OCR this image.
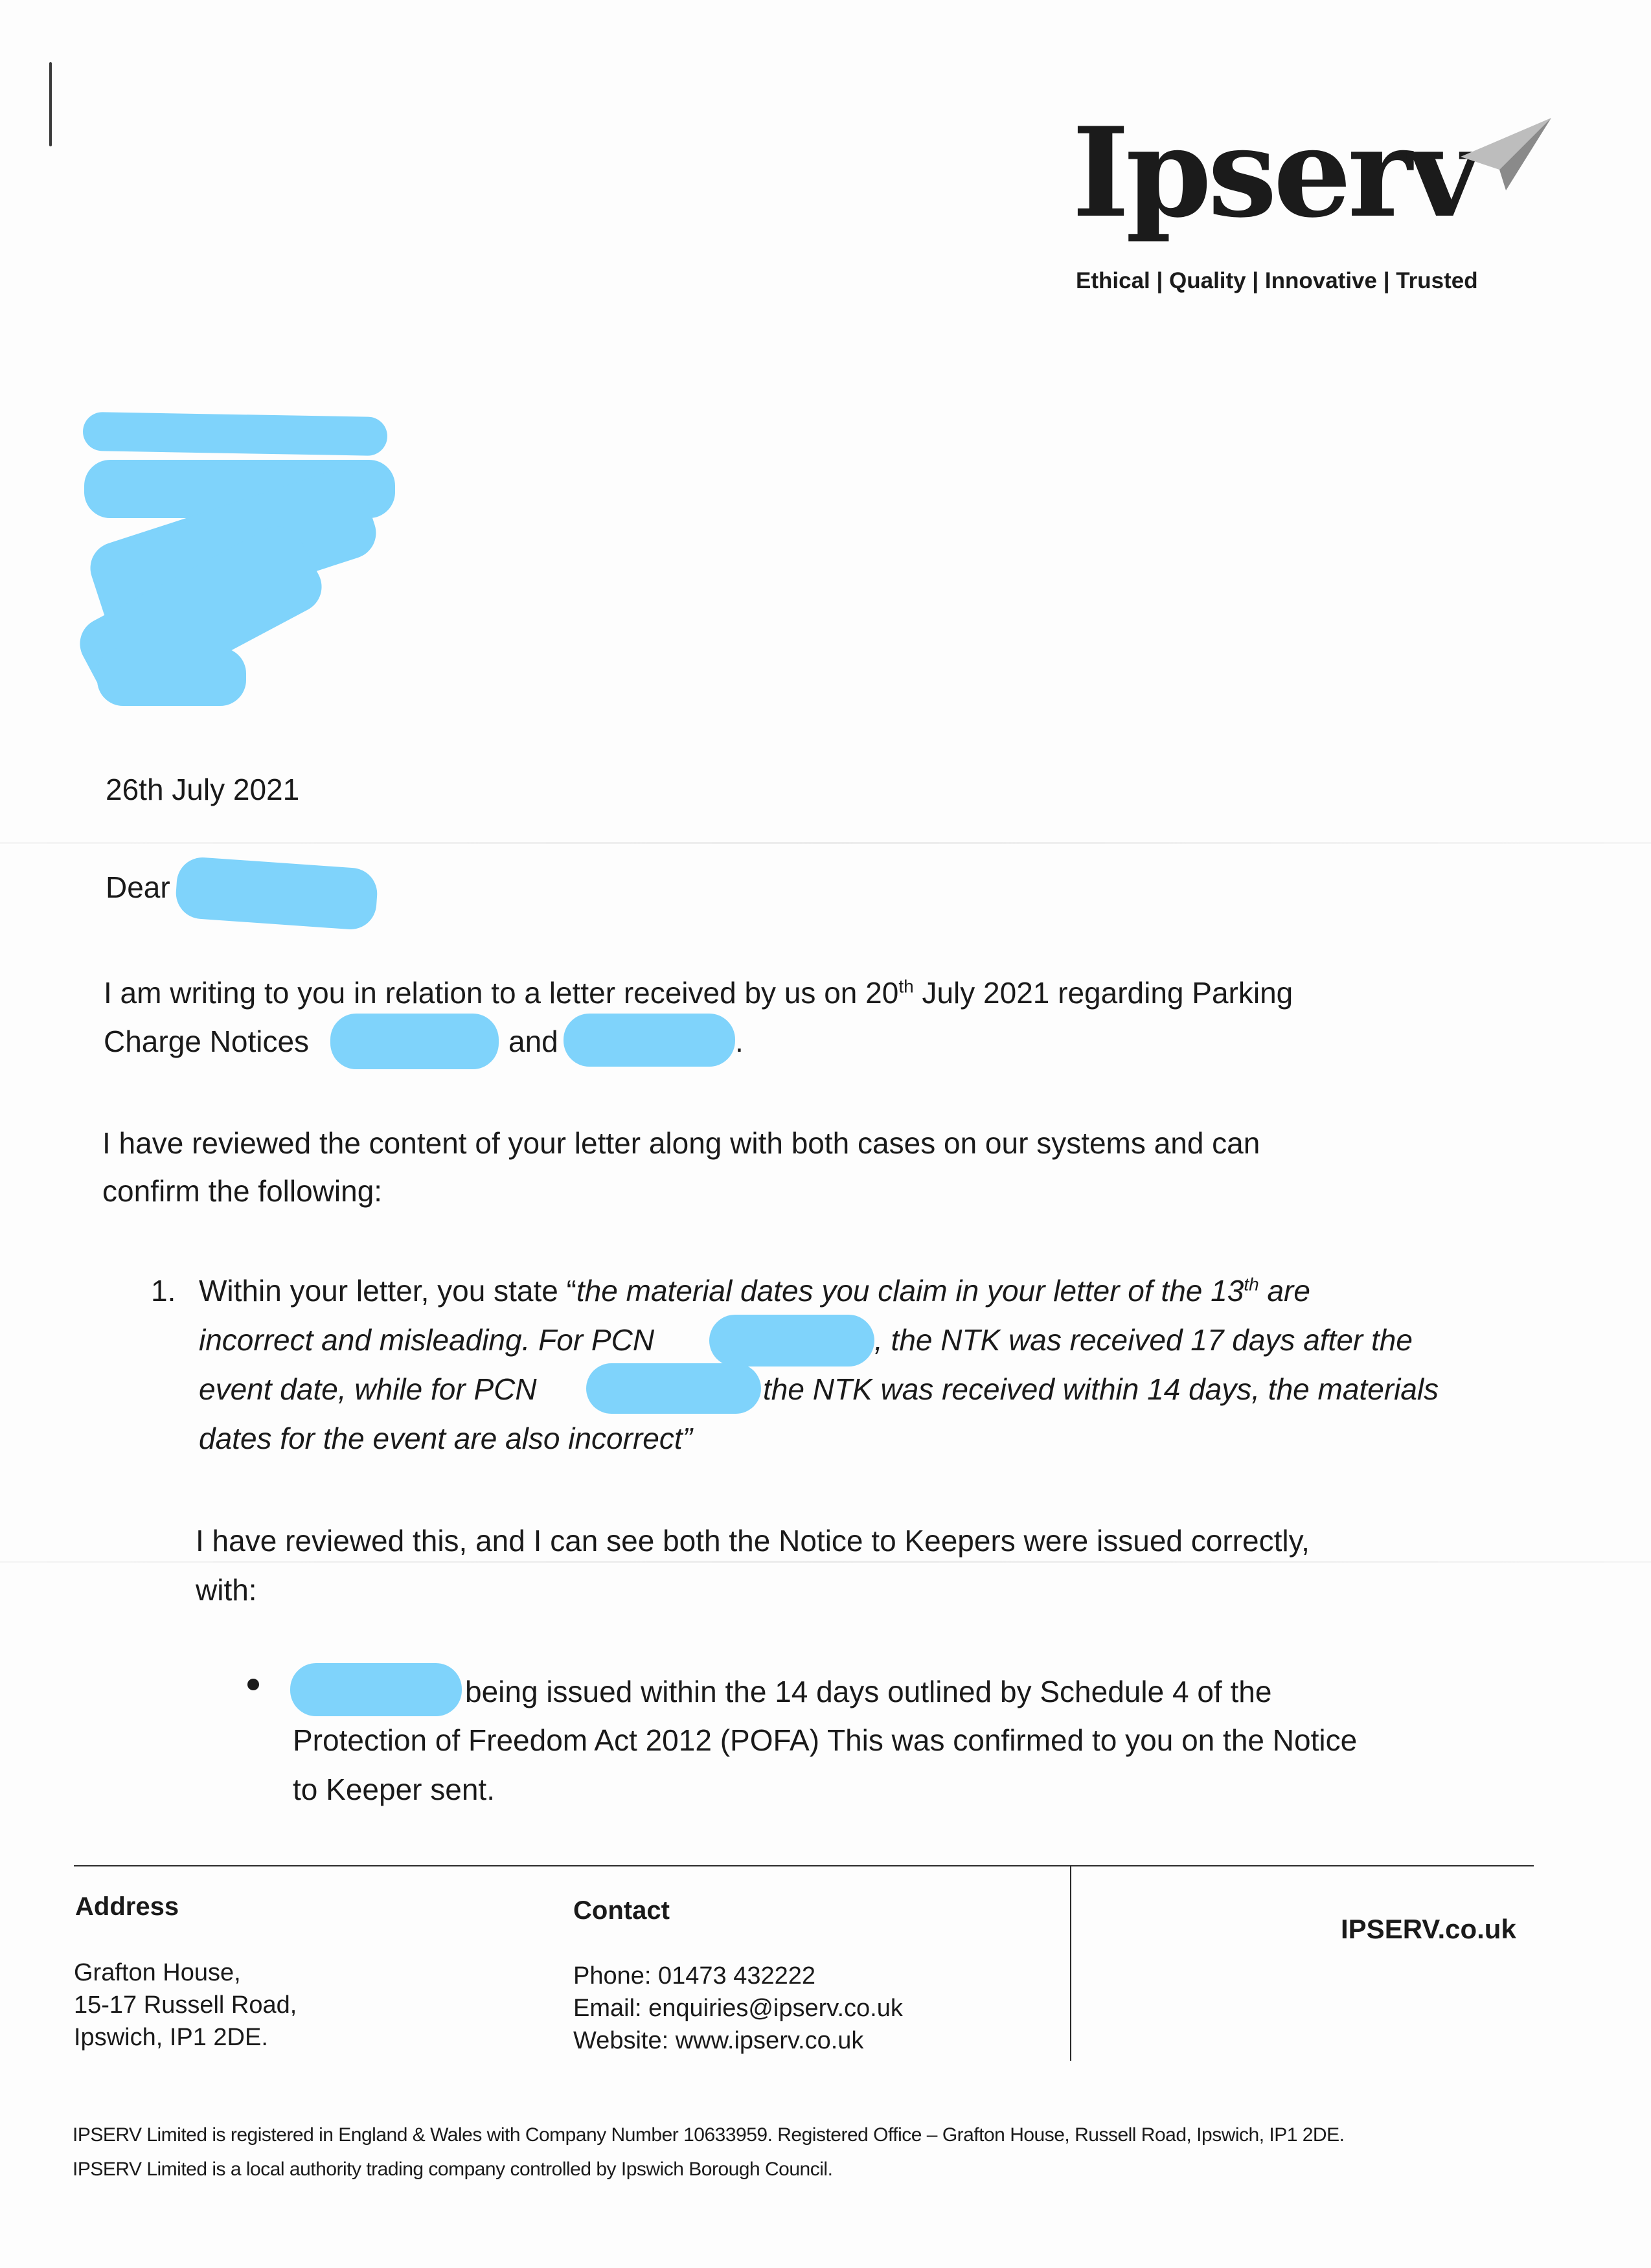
Ipserv
Ethical | Quality | Innovative | Trusted
26th July 2021
Dear
I am writing to you in relation to a letter received by us on 20th July 2021 regarding Parking
Charge Notices	and	.
I have reviewed the content of your letter along with both cases on our systems and can
confirm the following:
1. Within your letter, you state “the material dates you claim in your letter of the 13th are
incorrect and misleading. For PCN	, the NTK was received 17 days after the
event date, while for PCN	the NTK was received within 14 days, the materials
dates for the event are also incorrect”
I have reviewed this, and I can see both the Notice to Keepers were issued correctly,
with:
being issued within the 14 days outlined by Schedule 4 of the
Protection of Freedom Act 2012 (POFA) This was confirmed to you on the Notice
to Keeper sent.
Address
Grafton House,
15-17 Russell Road,
Ipswich, IP1 2DE.
Contact
Phone: 01473 432222
Email: enquiries@ipserv.co.uk
Website: www.ipserv.co.uk
IPSERV.co.uk
IPSERV Limited is registered in England & Wales with Company Number 10633959. Registered Office – Grafton House, Russell Road, Ipswich, IP1 2DE.
IPSERV Limited is a local authority trading company controlled by Ipswich Borough Council.
